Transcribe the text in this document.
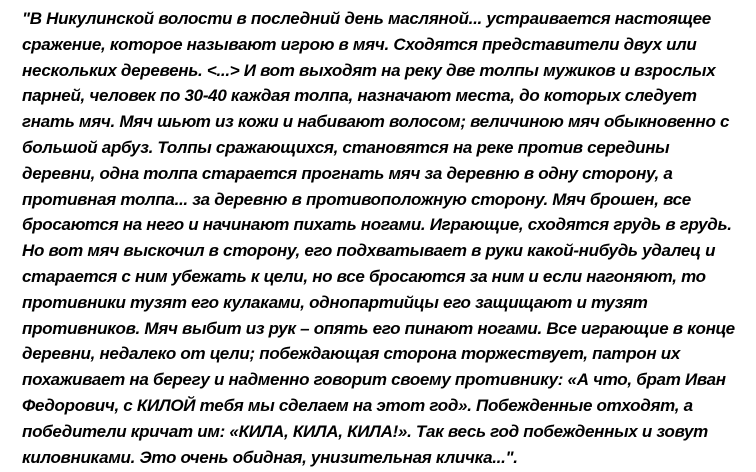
"В Никулинской волости в последний день масляной... устраивается настоящее
сражение, которое называют игрою в мяч. Сходятся представители двух или
нескольких деревень. <...> И вот выходят на реку две толпы мужиков и взрослых
парней, человек по 30-40 каждая толпа, назначают места, до которых следует
гнать мяч. Мяч шьют из кожи и набивают волосом; величиною мяч обыкновенно с
большой арбуз. Толпы сражающихся, становятся на реке против середины
деревни, одна толпа старается прогнать мяч за деревню в одну сторону, а
противная толпа... за деревню в противоположную сторону. Мяч брошен, все
бросаются на него и начинают пихать ногами. Играющие, сходятся грудь в грудь.
Но вот мяч выскочил в сторону, его подхватывает в руки какой-нибудь удалец и
старается с ним убежать к цели, но все бросаются за ним и если нагоняют, то
противники тузят его кулаками, однопартийцы его защищают и тузят
противников. Мяч выбит из рук – опять его пинают ногами. Все играющие в конце
деревни, недалеко от цели; побеждающая сторона торжествует, патрон их
похаживает на берегу и надменно говорит своему противнику: «А что, брат Иван
Федорович, с КИЛОЙ тебя мы сделаем на этот год». Побежденные отходят, а
победители кричат им: «КИЛА, КИЛА, КИЛА!». Так весь год побежденных и зовут
киловниками. Это очень обидная, унизительная кличка...".
